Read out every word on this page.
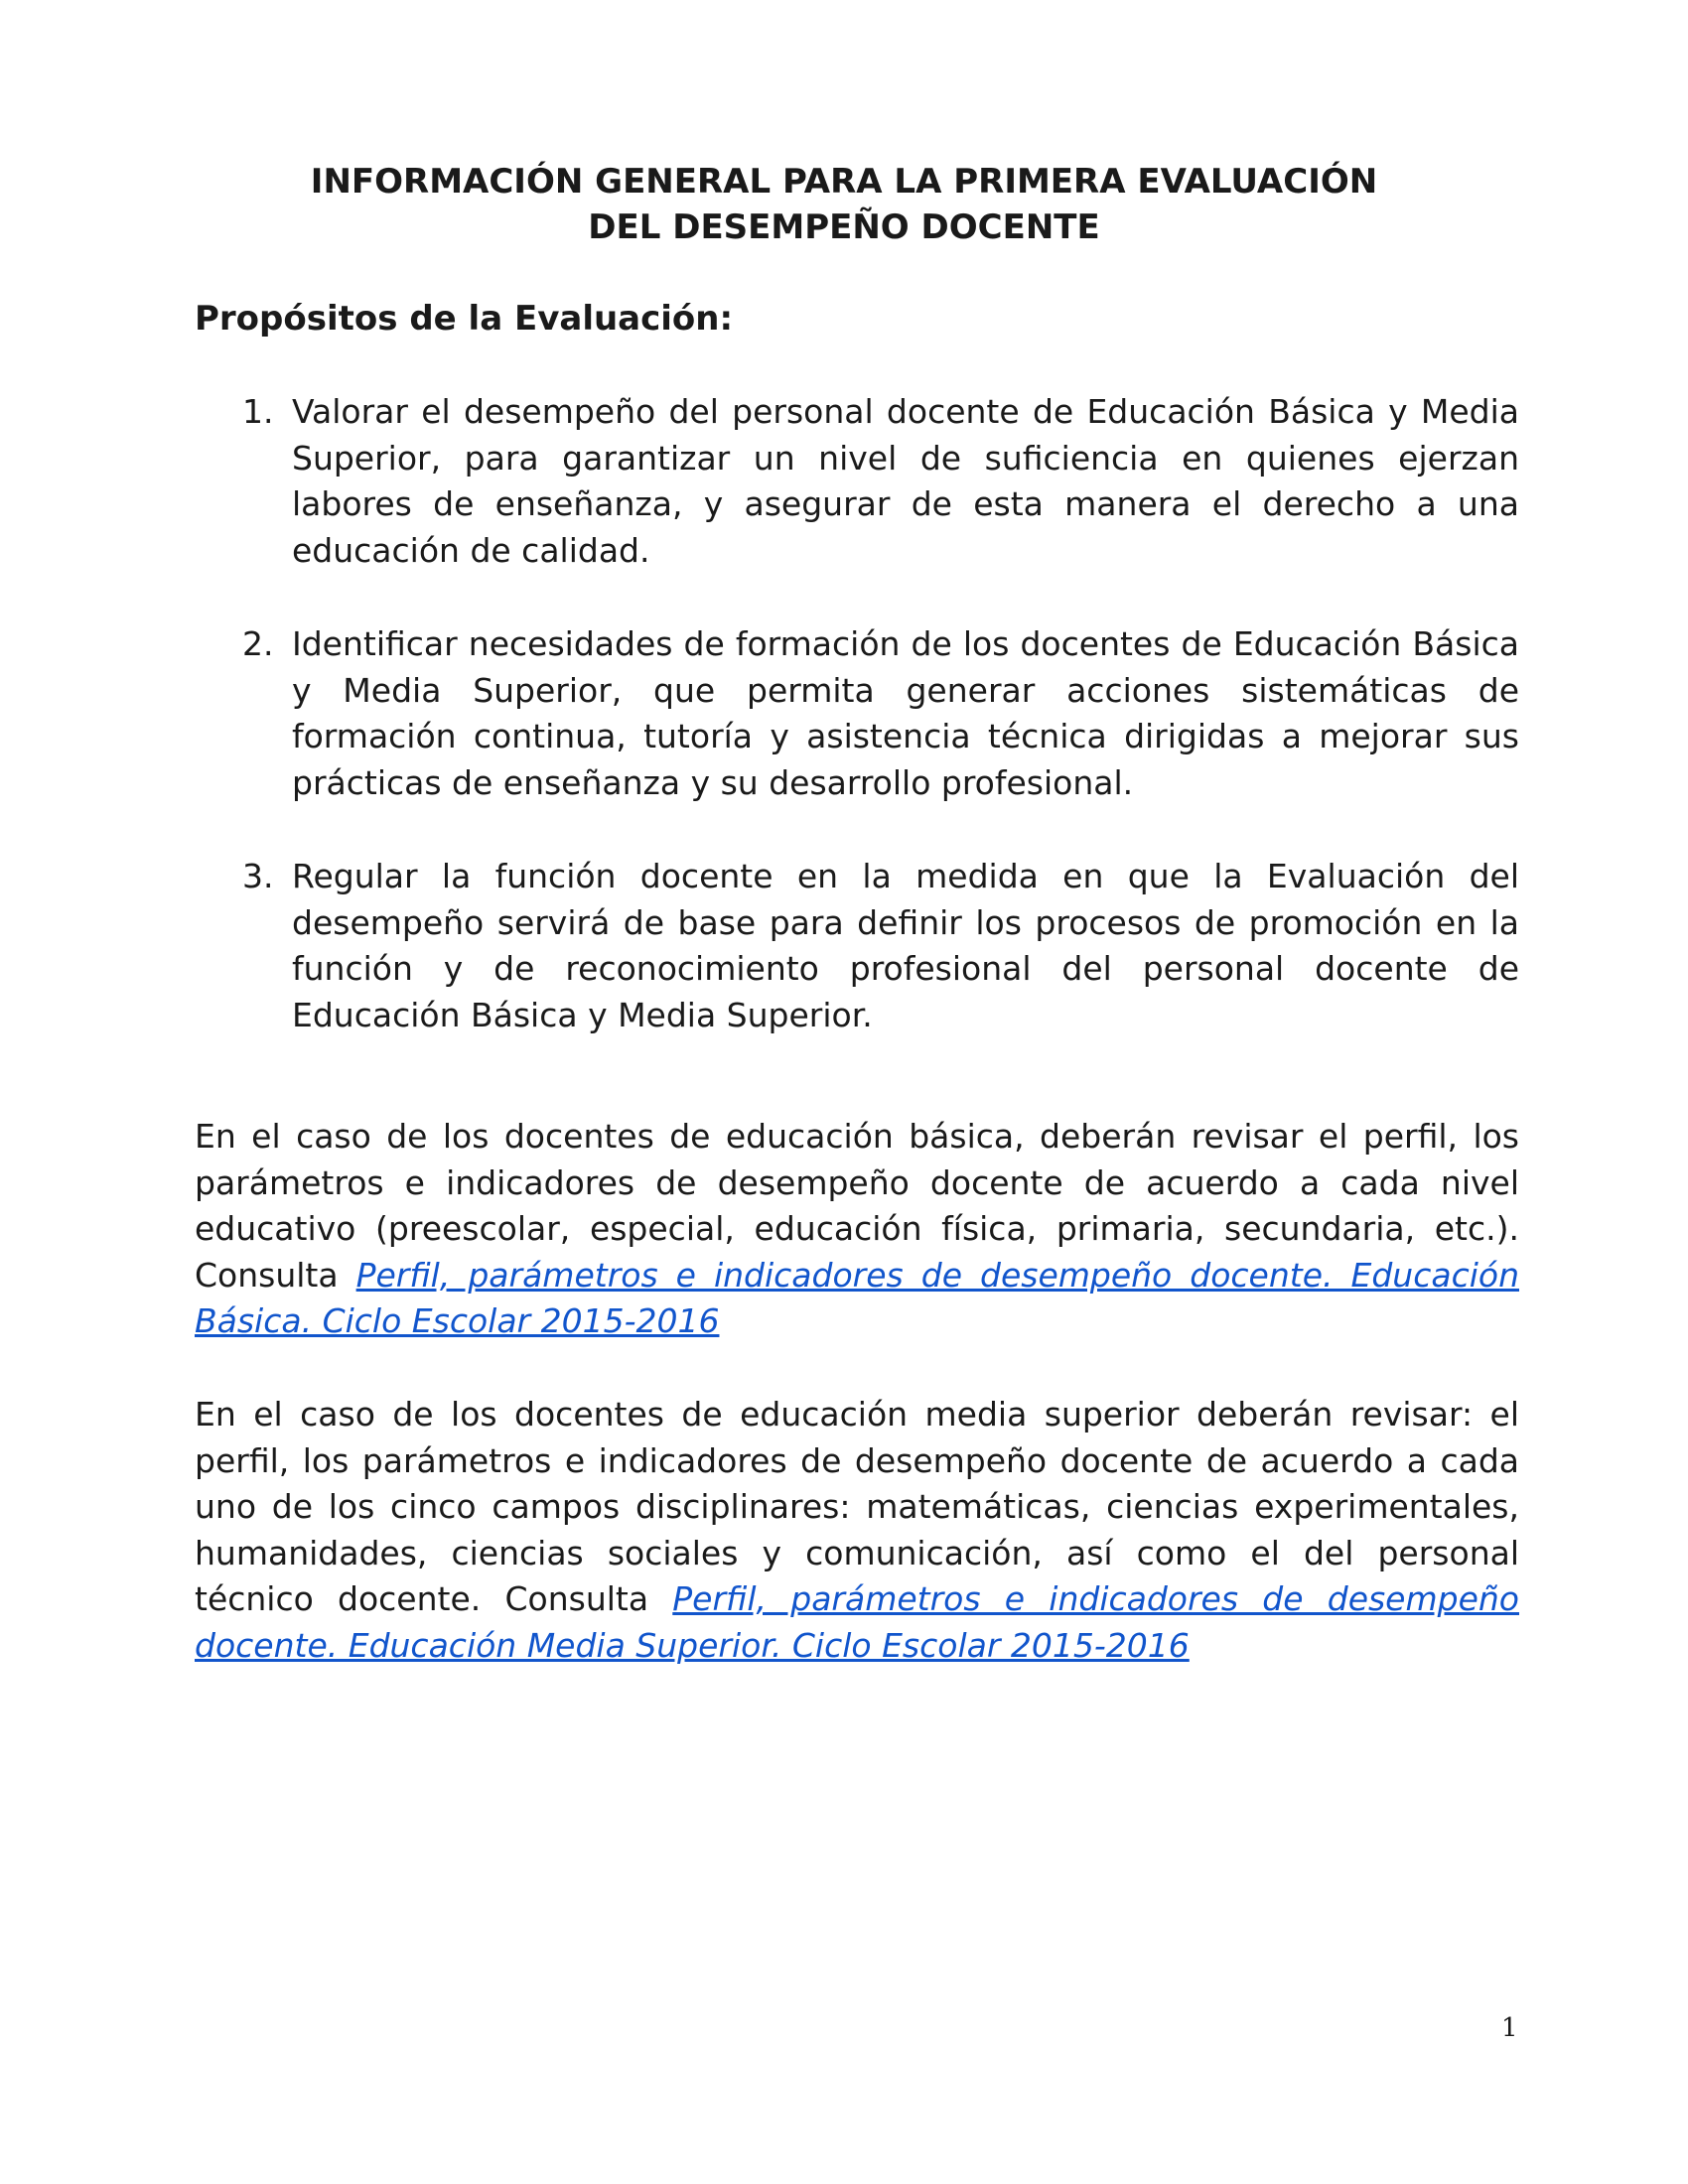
INFORMACIÓN GENERAL PARA LA PRIMERA EVALUACIÓN
DEL DESEMPEÑO DOCENTE
Propósitos de la Evaluación:
1. Valorar el desempeño del personal docente de Educación Básica y Media Superior, para garantizar un nivel de suficiencia en quienes ejerzan labores de enseñanza, y asegurar de esta manera el derecho a una educación de calidad.
2. Identificar necesidades de formación de los docentes de Educación Básica y Media Superior, que permita generar acciones sistemáticas de formación continua, tutoría y asistencia técnica dirigidas a mejorar sus prácticas de enseñanza y su desarrollo profesional.
3. Regular la función docente en la medida en que la Evaluación del desempeño servirá de base para definir los procesos de promoción en la función y de reconocimiento profesional del personal docente de Educación Básica y Media Superior.

En el caso de los docentes de educación básica, deberán revisar el perfil, los parámetros e indicadores de desempeño docente de acuerdo a cada nivel educativo (preescolar, especial, educación física, primaria, secundaria, etc.). Consulta Perfil, parámetros e indicadores de desempeño docente. Educación Básica. Ciclo Escolar 2015-2016

En el caso de los docentes de educación media superior deberán revisar: el perfil, los parámetros e indicadores de desempeño docente de acuerdo a cada uno de los cinco campos disciplinares: matemáticas, ciencias experimentales, humanidades, ciencias sociales y comunicación, así como el del personal técnico docente. Consulta Perfil, parámetros e indicadores de desempeño docente. Educación Media Superior. Ciclo Escolar 2015-2016

1
